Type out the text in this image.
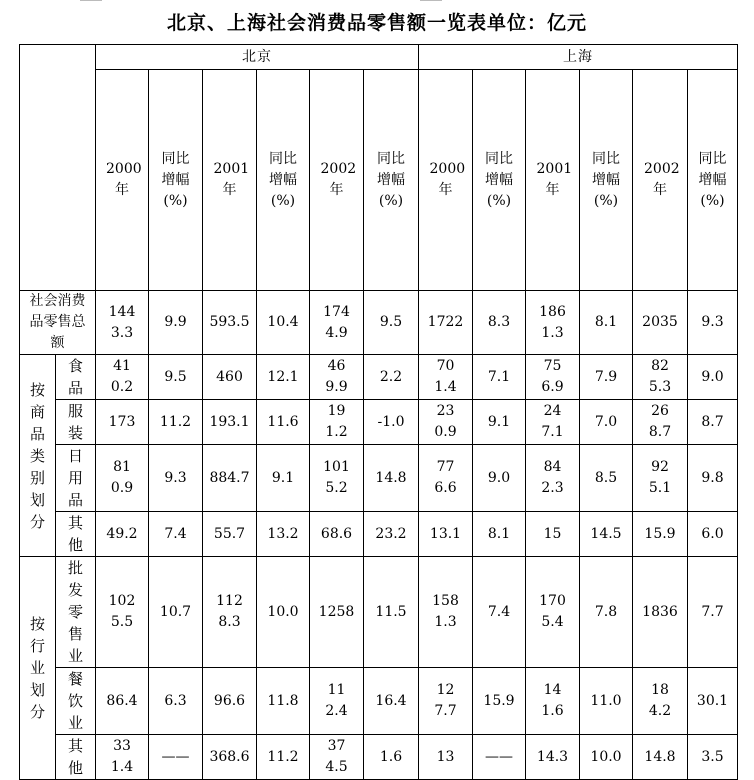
北京、上海社会消费品零售额一览表单位：亿元
		北京						上海					

		2000年	同比增幅(%)	2001年	同比增幅(%)	2002年	同比增幅(%)	2000年	同比增幅(%)	2001年	同比增幅(%)	2002年	同比增幅(%)

社会消费品零售总额		1443.3	9.9	593.5	10.4	1744.9	9.5	1722	8.3	1861.3	8.1	2035	9.3

按商品类别划分	食品	410.2	9.5	460	12.1	469.9	2.2	701.4	7.1	756.9	7.9	825.3	9.0

	服装	173	11.2	193.1	11.6	191.2	-1.0	230.9	9.1	247.1	7.0	268.7	8.7

	日用品	810.9	9.3	884.7	9.1	1015.2	14.8	776.6	9.0	842.3	8.5	925.1	9.8

	其他	49.2	7.4	55.7	13.2	68.6	23.2	13.1	8.1	15	14.5	15.9	6.0

按行业划分	批发零售业	1025.5	10.7	1128.3	10.0	1258	11.5	1581.3	7.4	1705.4	7.8	1836	7.7

	餐饮业	86.4	6.3	96.6	11.8	112.4	16.4	127.7	15.9	141.6	11.0	184.2	30.1

	其他	331.4	——	368.6	11.2	374.5	1.6	13	——	14.3	10.0	14.8	3.5
